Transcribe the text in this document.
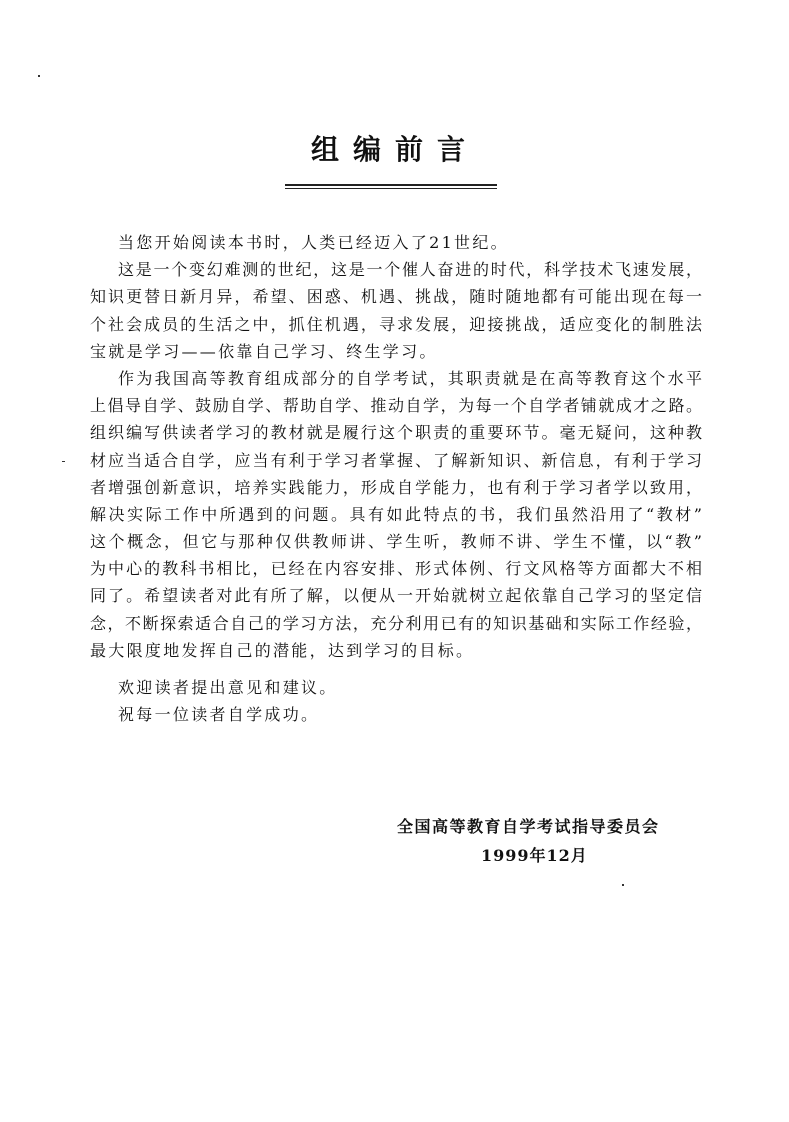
组编前言
当您开始阅读本书时，人类已经迈入了21世纪。
这是一个变幻难测的世纪，这是一个催人奋进的时代，科学技术飞速发展，
知识更替日新月异，希望、困惑、机遇、挑战，随时随地都有可能出现在每一
个社会成员的生活之中，抓住机遇，寻求发展，迎接挑战，适应变化的制胜法
宝就是学习——依靠自己学习、终生学习。
作为我国高等教育组成部分的自学考试，其职责就是在高等教育这个水平
上倡导自学、鼓励自学、帮助自学、推动自学，为每一个自学者铺就成才之路。
组织编写供读者学习的教材就是履行这个职责的重要环节。毫无疑问，这种教
材应当适合自学，应当有利于学习者掌握、了解新知识、新信息，有利于学习
者增强创新意识，培养实践能力，形成自学能力，也有利于学习者学以致用，
解决实际工作中所遇到的问题。具有如此特点的书，我们虽然沿用了“教材”
这个概念，但它与那种仅供教师讲、学生听，教师不讲、学生不懂，以“教”
为中心的教科书相比，已经在内容安排、形式体例、行文风格等方面都大不相
同了。希望读者对此有所了解，以便从一开始就树立起依靠自己学习的坚定信
念，不断探索适合自己的学习方法，充分利用已有的知识基础和实际工作经验，
最大限度地发挥自己的潜能，达到学习的目标。
欢迎读者提出意见和建议。
祝每一位读者自学成功。
全国高等教育自学考试指导委员会
1999年12月
